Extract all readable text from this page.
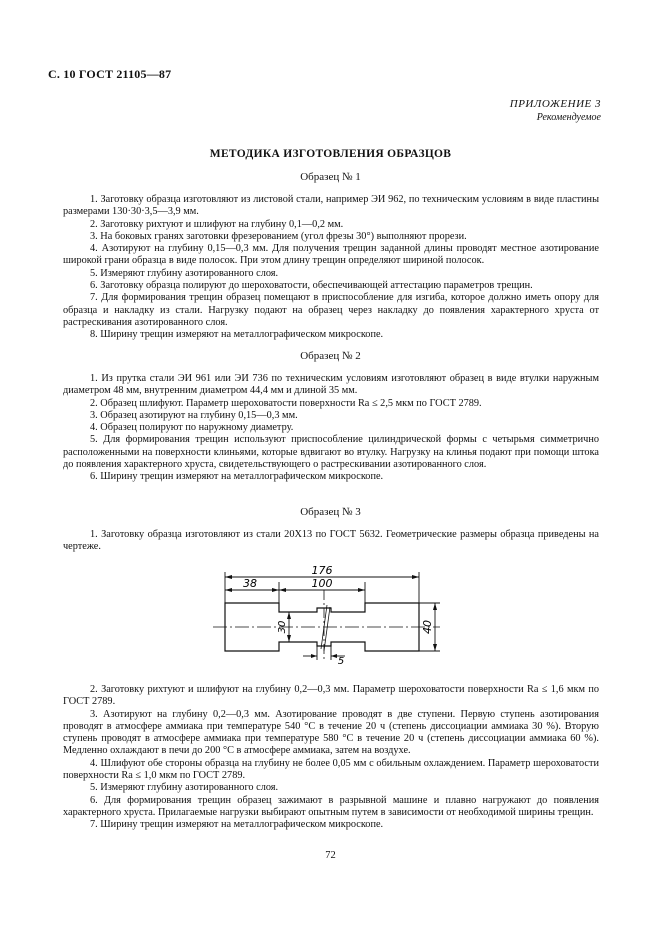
С. 10 ГОСТ 21105—87
ПРИЛОЖЕНИЕ 3
Рекомендуемое
МЕТОДИКА ИЗГОТОВЛЕНИЯ ОБРАЗЦОВ
Образец № 1

1. Заготовку образца изготовляют из листовой стали, например ЭИ 962, по техническим условиям в виде пластины размерами 130·30·3,5—3,9 мм.

2. Заготовку рихтуют и шлифуют на глубину 0,1—0,2 мм.

3. На боковых гранях заготовки фрезерованием (угол фрезы 30°) выполняют прорези.

4. Азотируют на глубину 0,15—0,3 мм. Для получения трещин заданной длины проводят местное азотирование широкой грани образца в виде полосок. При этом длину трещин определяют шириной полосок.

5. Измеряют глубину азотированного слоя.

6. Заготовку образца полируют до шероховатости, обеспечивающей аттестацию параметров трещин.

7. Для формирования трещин образец помещают в приспособление для изгиба, которое должно иметь опору для образца и накладку из стали. Нагрузку подают на образец через накладку до появления характерного хруста от растрескивания азотированного слоя.

8. Ширину трещин измеряют на металлографическом микроскопе.

Образец № 2

1. Из прутка стали ЭИ 961 или ЭИ 736 по техническим условиям изготовляют образец в виде втулки наружным диаметром 48 мм, внутренним диаметром 44,4 мм и длиной 35 мм.

2. Образец шлифуют. Параметр шероховатости поверхности Ra ≤ 2,5 мкм по ГОСТ 2789.

3. Образец азотируют на глубину 0,15—0,3 мм.

4. Образец полируют по наружному диаметру.

5. Для формирования трещин используют приспособление цилиндрической формы с четырьмя симметрично расположенными на поверхности клиньями, которые вдвигают во втулку. Нагрузку на клинья подают при помощи штока до появления характерного хруста, свидетельствующего о растрескивании азотированного слоя.

6. Ширину трещин измеряют на металлографическом микроскопе.

Образец № 3

1. Заготовку образца изготовляют из стали 20Х13 по ГОСТ 5632. Геометрические размеры образца приведены на чертеже.

176
100
38
40
30
5

2. Заготовку рихтуют и шлифуют на глубину 0,2—0,3 мм. Параметр шероховатости поверхности Ra ≤ 1,6 мкм по ГОСТ 2789.

3. Азотируют на глубину 0,2—0,3 мм. Азотирование проводят в две ступени. Первую ступень азотирования проводят в атмосфере аммиака при температуре 540 °С в течение 20 ч (степень диссоциации аммиака 30 %). Вторую ступень проводят в атмосфере аммиака при температуре 580 °С в течение 20 ч (степень диссоциации аммиака 60 %). Медленно охлаждают в печи до 200 °С в атмосфере аммиака, затем на воздухе.

4. Шлифуют обе стороны образца на глубину не более 0,05 мм с обильным охлаждением. Параметр шероховатости поверхности Ra ≤ 1,0 мкм по ГОСТ 2789.

5. Измеряют глубину азотированного слоя.

6. Для формирования трещин образец зажимают в разрывной машине и плавно нагружают до появления характерного хруста. Прилагаемые нагрузки выбирают опытным путем в зависимости от необходимой ширины трещин.

7. Ширину трещин измеряют на металлографическом микроскопе.

72
